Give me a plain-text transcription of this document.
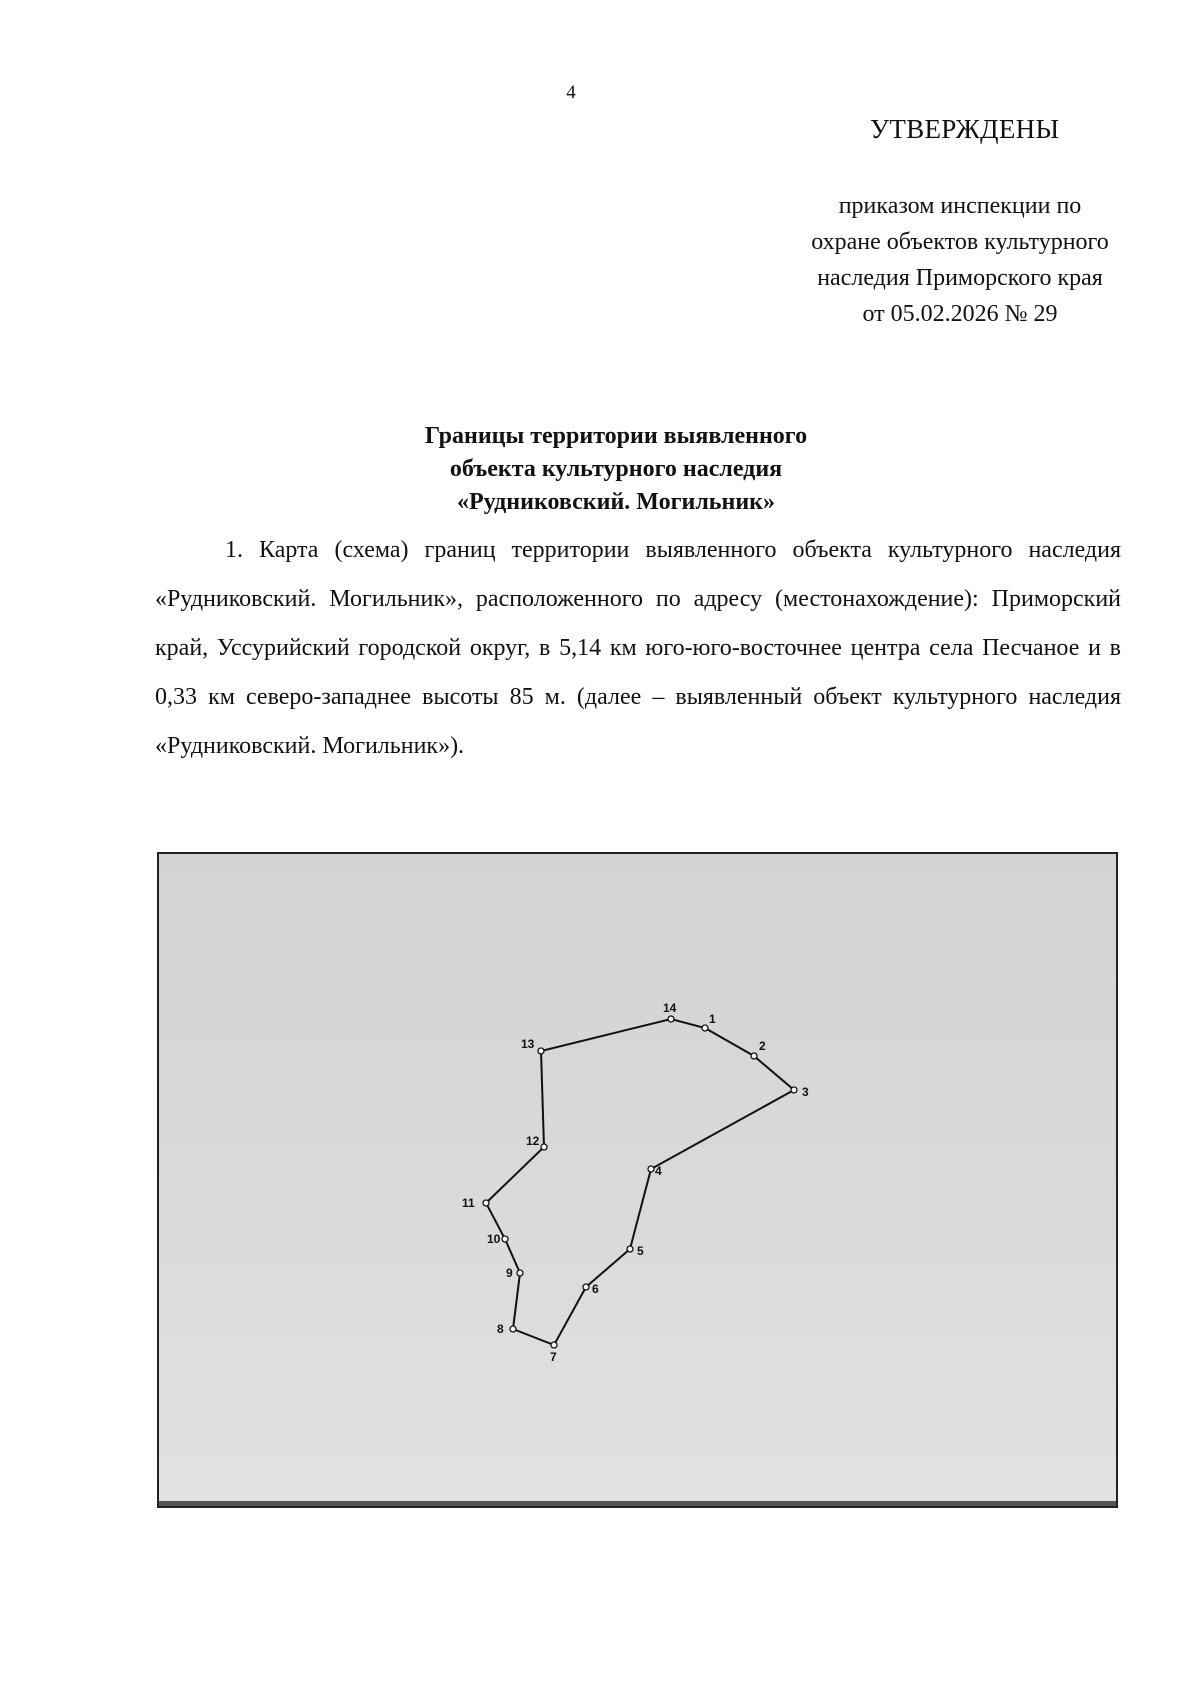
4
УТВЕРЖДЕНЫ
приказом инспекции по
охране объектов культурного
наследия Приморского края
от 05.02.2026 № 29
Границы территории выявленного
объекта культурного наследия
«Рудниковский. Могильник»

1. Карта (схема) границ территории выявленного объекта культурного наследия «Рудниковский. Могильник», расположенного по адресу (местонахождение): Приморский край, Уссурийский городской округ, в 5,14 км юго-юго-восточнее центра села Песчаное и в 0,33 км северо-западнее высоты 85 м. (далее – выявленный объект культурного наследия «Рудниковский. Могильник»).

1
2
3
4
5
6
7
8
9
10
11
12
13
14
